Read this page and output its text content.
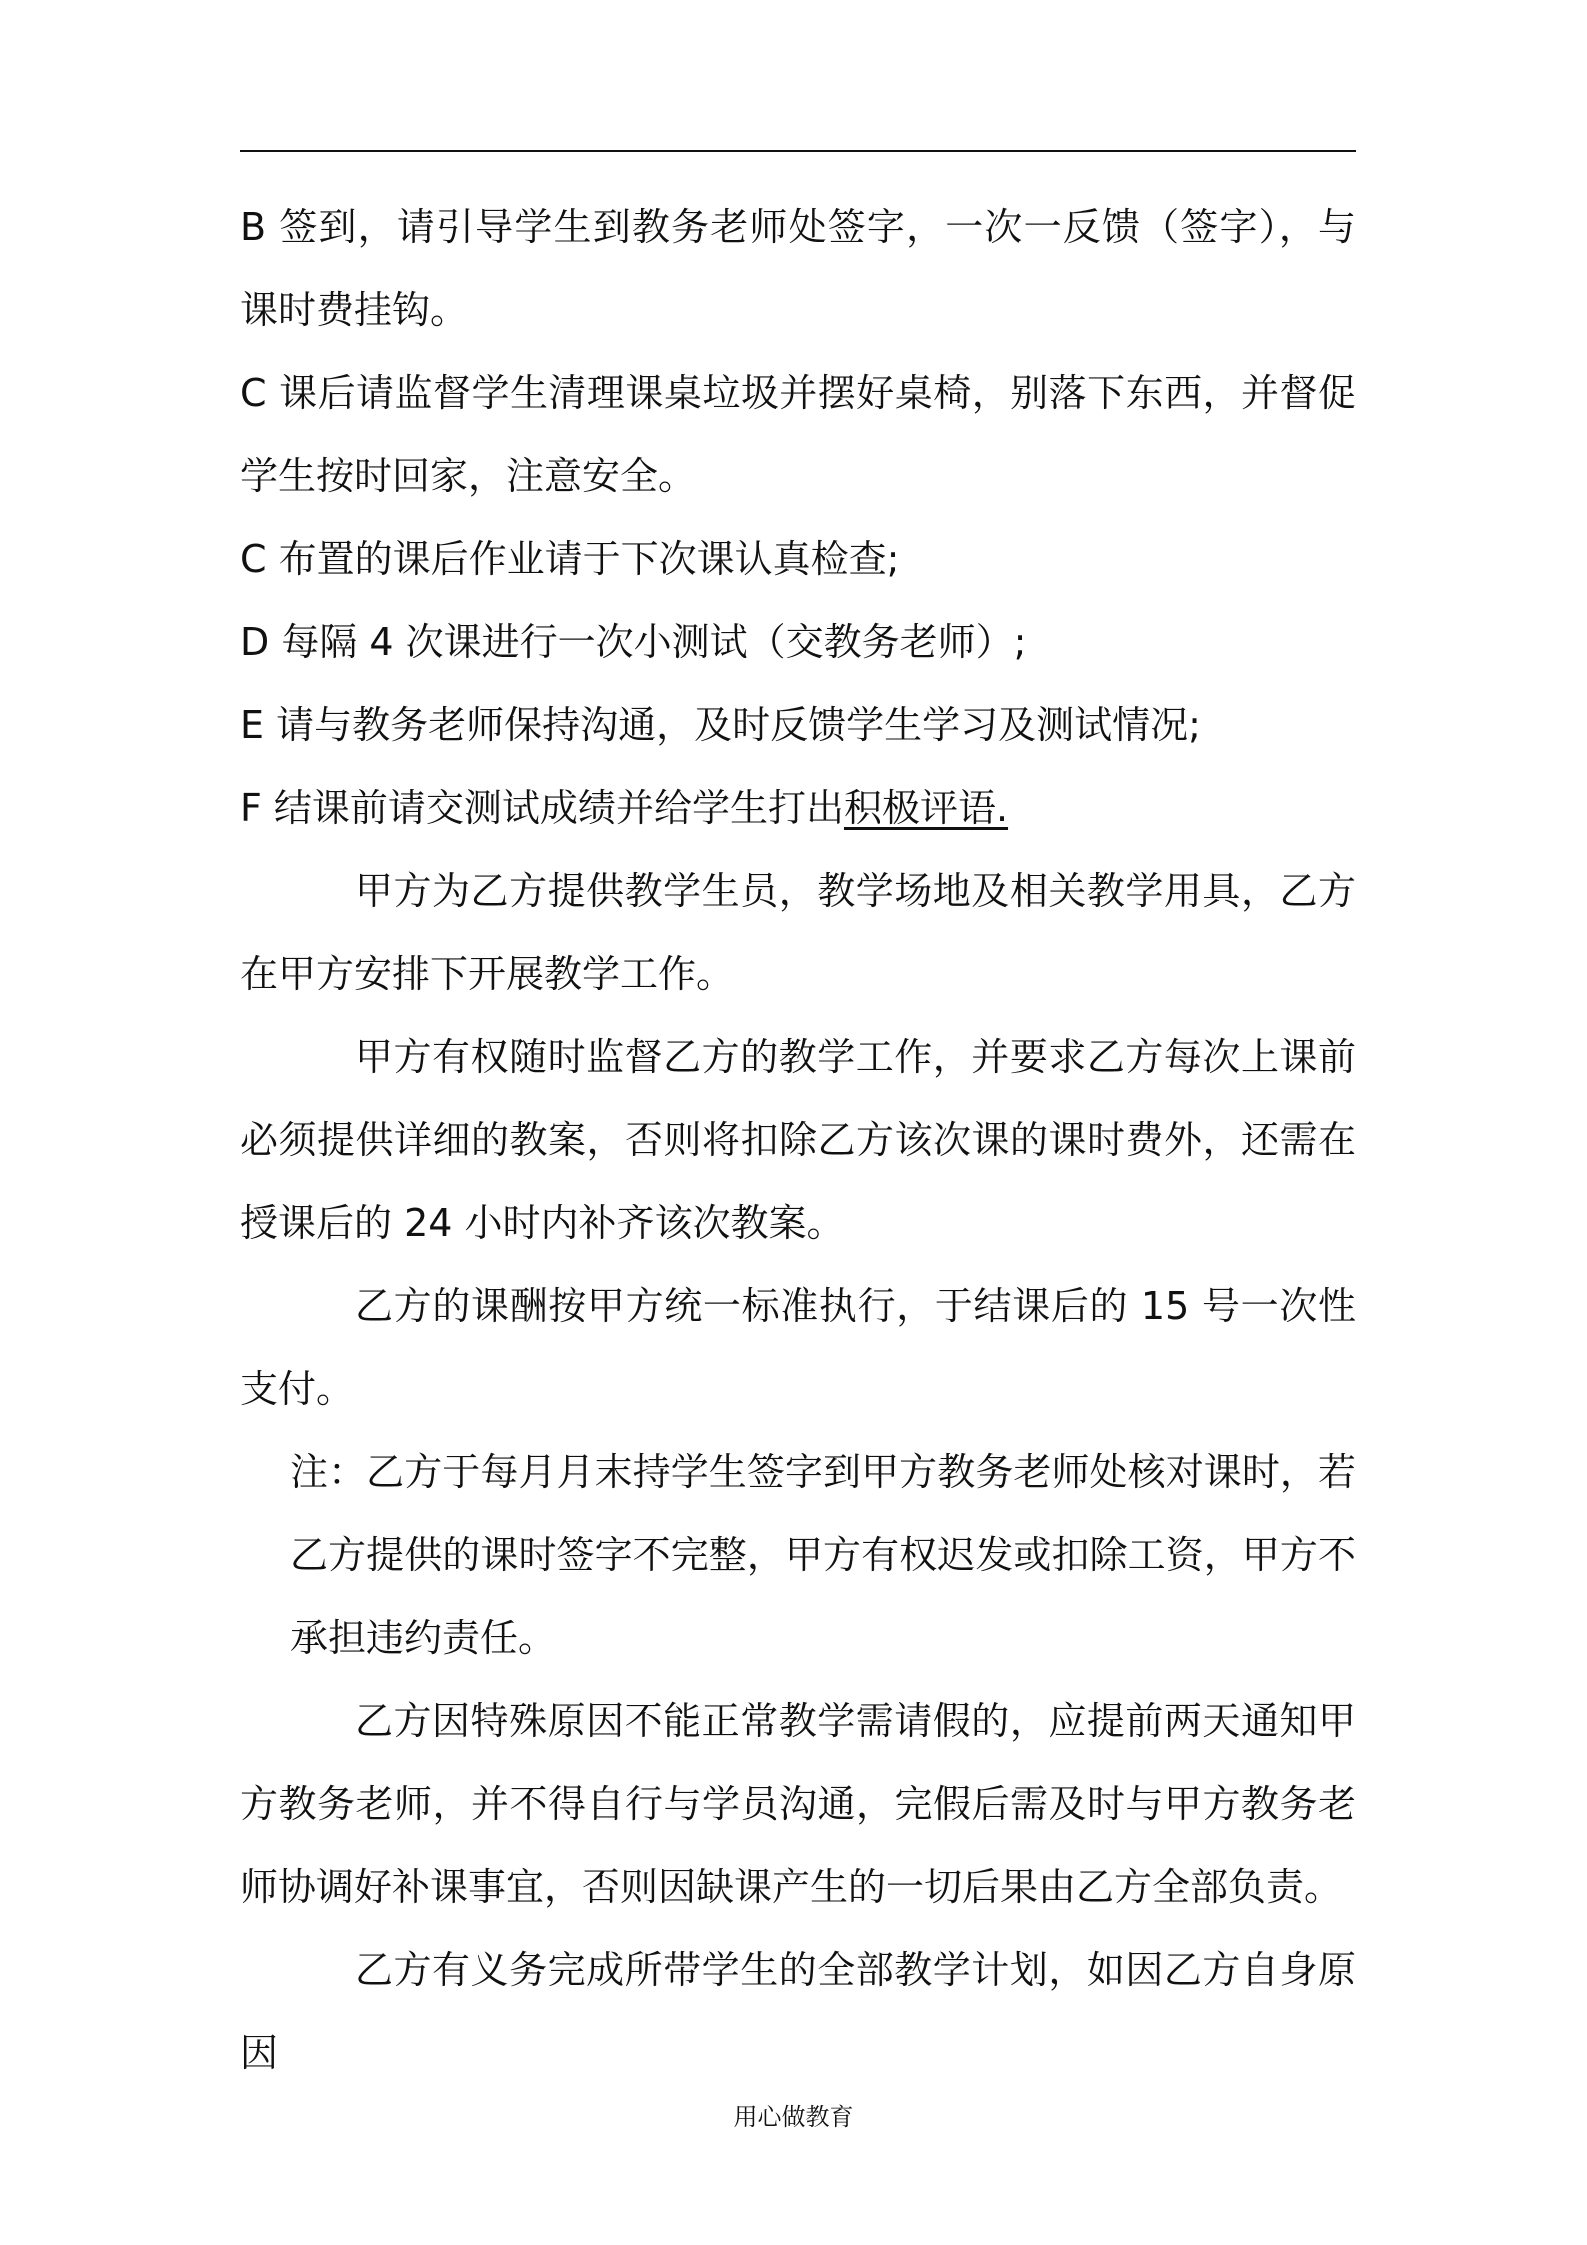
B 签到，请引导学生到教务老师处签字，一次一反馈（签字），与课时费挂钩。

C 课后请监督学生清理课桌垃圾并摆好桌椅，别落下东西，并督促学生按时回家，注意安全。

C 布置的课后作业请于下次课认真检查;

D 每隔 4 次课进行一次小测试（交教务老师）;

E 请与教务老师保持沟通，及时反馈学生学习及测试情况;

F 结课前请交测试成绩并给学生打出积极评语.

甲方为乙方提供教学生员，教学场地及相关教学用具，乙方在甲方安排下开展教学工作。

甲方有权随时监督乙方的教学工作，并要求乙方每次上课前必须提供详细的教案，否则将扣除乙方该次课的课时费外，还需在授课后的 24 小时内补齐该次教案。

乙方的课酬按甲方统一标准执行，于结课后的 15 号一次性支付。

注：乙方于每月月末持学生签字到甲方教务老师处核对课时，若乙方提供的课时签字不完整，甲方有权迟发或扣除工资，甲方不承担违约责任。

乙方因特殊原因不能正常教学需请假的，应提前两天通知甲方教务老师，并不得自行与学员沟通，完假后需及时与甲方教务老师协调好补课事宜，否则因缺课产生的一切后果由乙方全部负责。

乙方有义务完成所带学生的全部教学计划，如因乙方自身原因

用心做教育
